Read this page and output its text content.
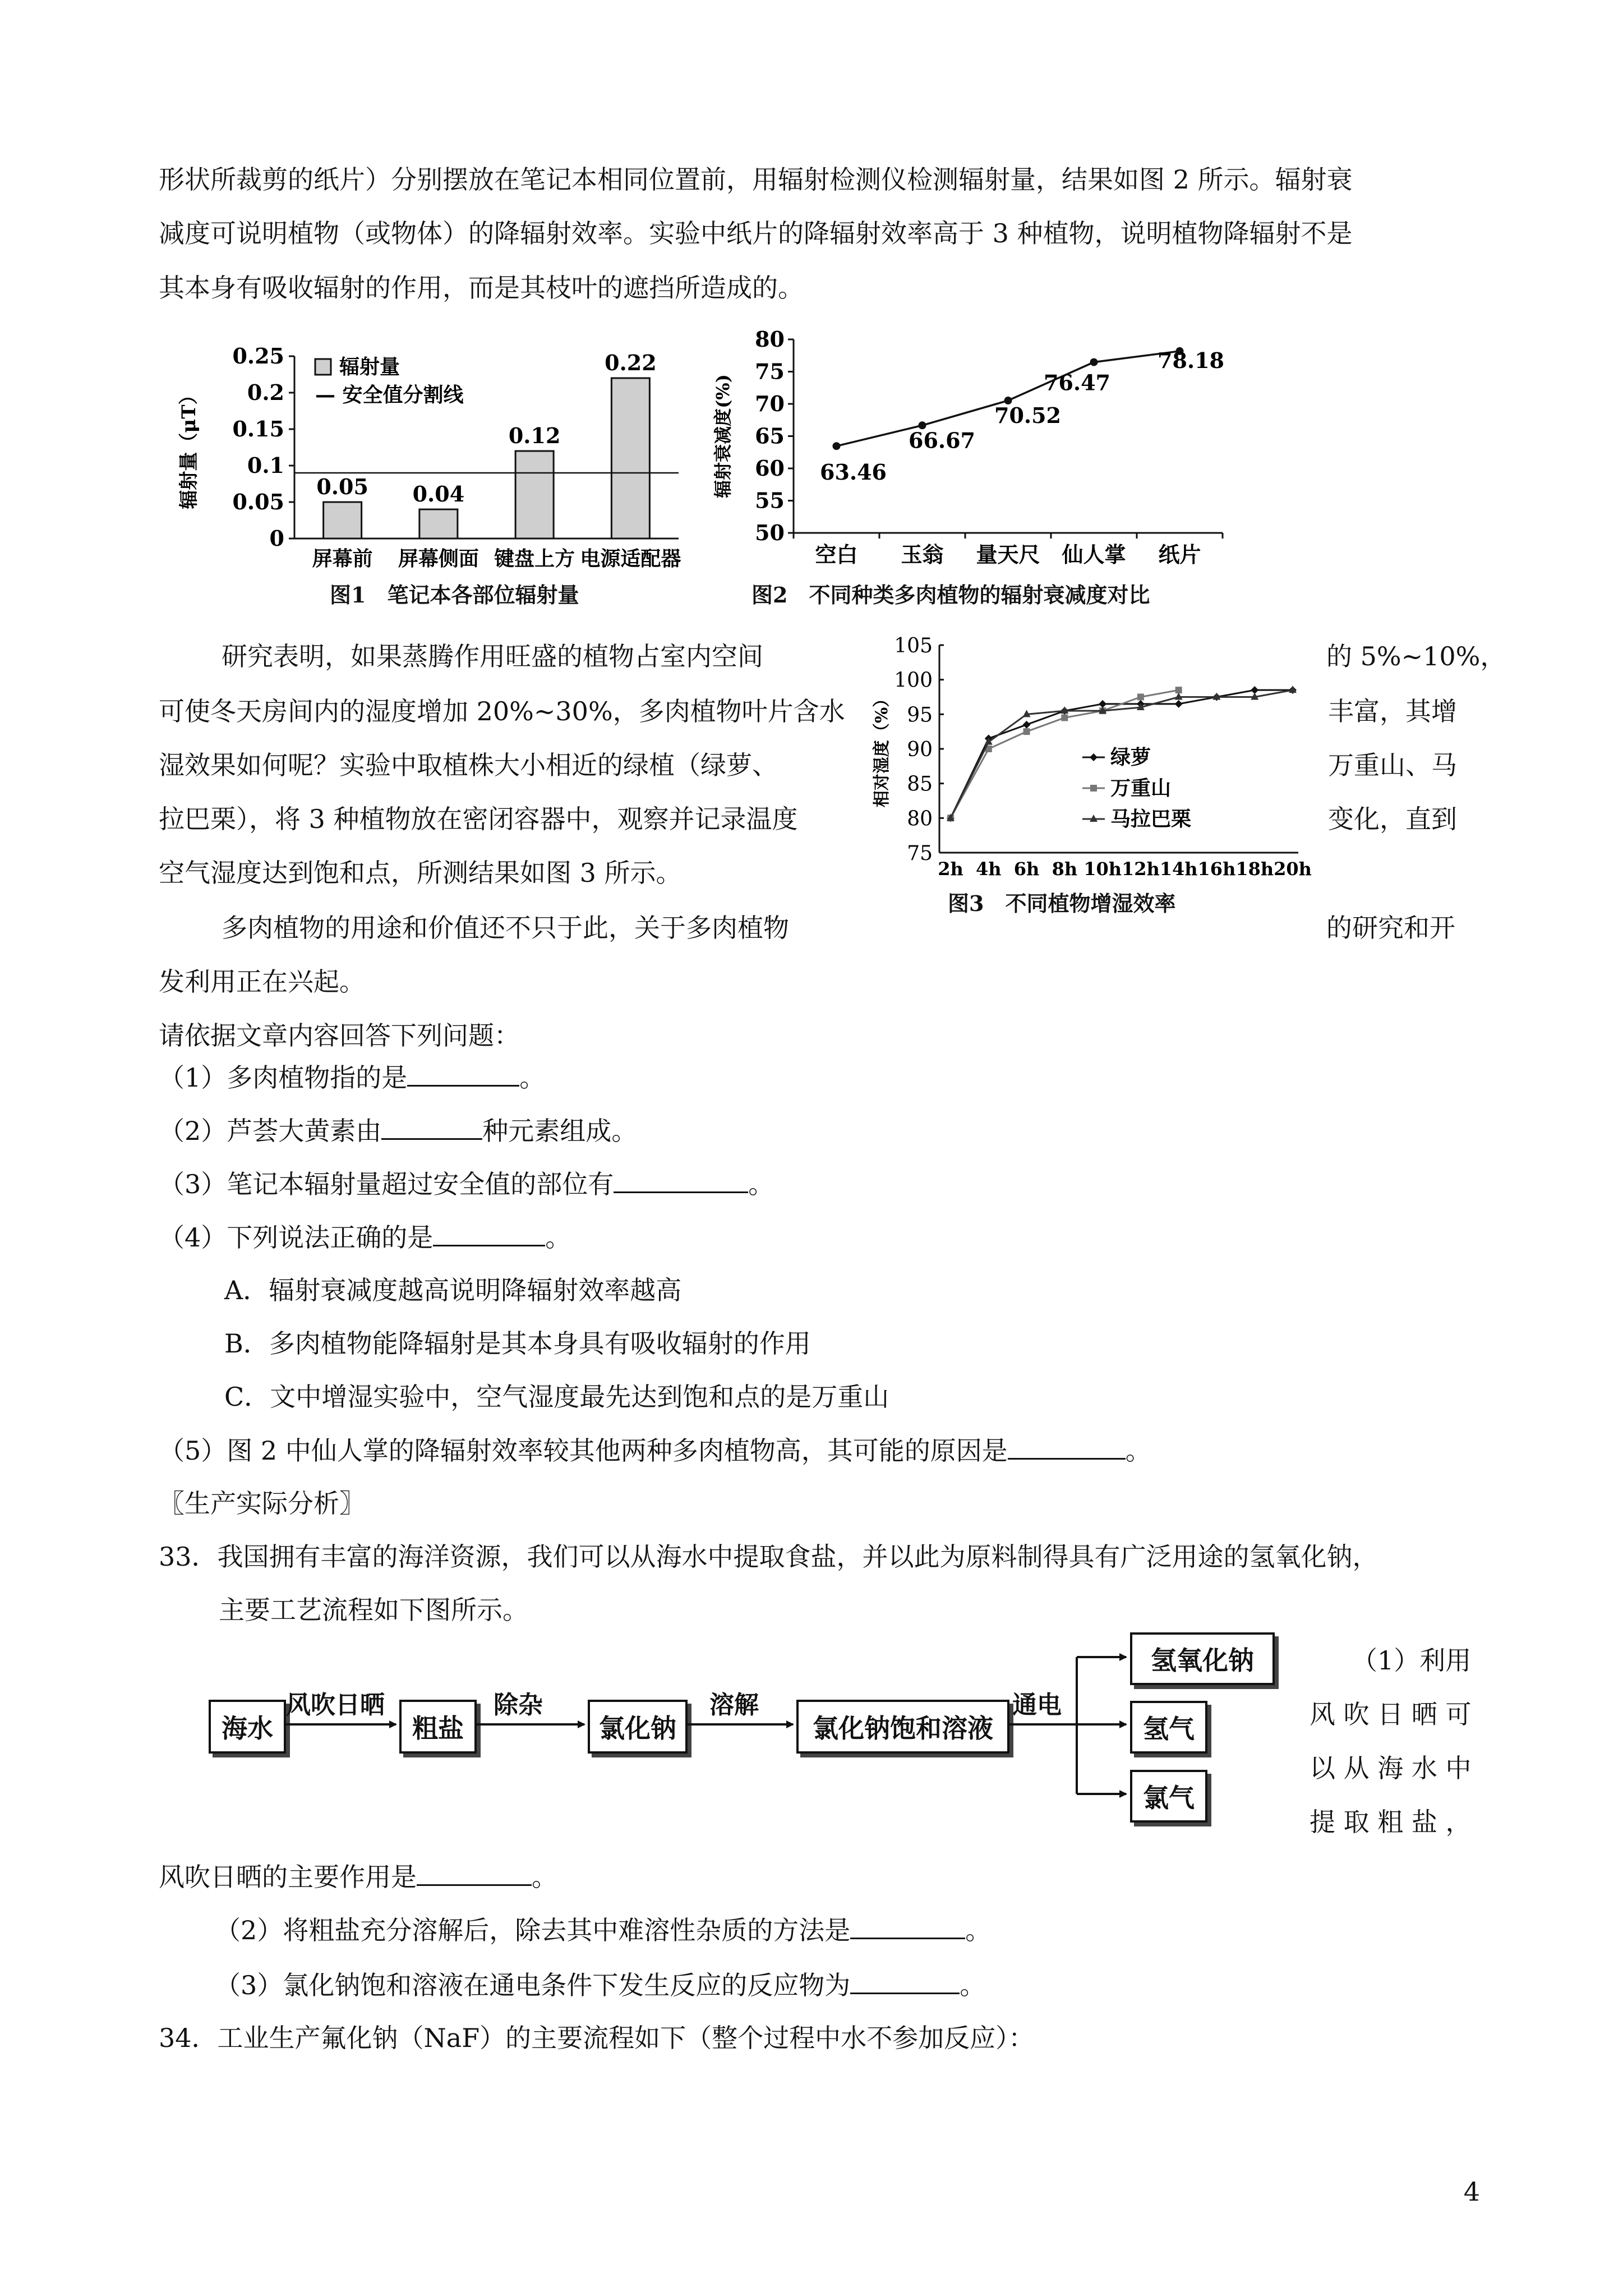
形状所裁剪的纸片）分别摆放在笔记本相同位置前，用辐射检测仪检测辐射量，结果如图 2 所示。辐射衰
减度可说明植物（或物体）的降辐射效率。实验中纸片的降辐射效率高于 3 种植物，说明植物降辐射不是
其本身有吸收辐射的作用，而是其枝叶的遮挡所造成的。
0
0.05
0.1
0.15
0.2
0.25
辐射量（μT）	0.05
屏幕前
0.04
屏幕侧面
0.12
键盘上方
0.22
电源适配器
辐射量
— 安全值分割线
图1　笔记本各部位辐射量
50
55
60
65
70
75
80
辐射衰减度(%)	63.46
空白
66.67
玉翁
70.52
量天尺
76.47
仙人掌
78.18
纸片
图2　不同种类多肉植物的辐射衰减度对比
研究表明，如果蒸腾作用旺盛的植物占室内空间	的 5%~10%，
可使冬天房间内的湿度增加 20%~30%，多肉植物叶片含水	丰富，其增
湿效果如何呢？实验中取植株大小相近的绿植（绿萝、	万重山、马
拉巴栗），将 3 种植物放在密闭容器中，观察并记录温度	变化，直到
空气湿度达到饱和点，所测结果如图 3 所示。
多肉植物的用途和价值还不只于此，关于多肉植物	的研究和开
发利用正在兴起。
75
80
85
90
95
100
105
相对湿度（%）
2h 4h 6h 8h 10h 12h 14h 16h 18h 20h
绿萝
万重山
马拉巴栗
图3　不同植物增湿效率
请依据文章内容回答下列问题：
（1）多肉植物指的是	。
（2）芦荟大黄素由	种元素组成。
（3）笔记本辐射量超过安全值的部位有	。
（4）下列说法正确的是	。
A．辐射衰减度越高说明降辐射效率越高
B．多肉植物能降辐射是其本身具有吸收辐射的作用
C．文中增湿实验中，空气湿度最先达到饱和点的是万重山
（5）图 2 中仙人掌的降辐射效率较其他两种多肉植物高，其可能的原因是	。
〖生产实际分析〗
33．我国拥有丰富的海洋资源，我们可以从海水中提取食盐，并以此为原料制得具有广泛用途的氢氧化钠，
主要工艺流程如下图所示。
海水	粗盐	氯化钠	氯化钠饱和溶液
氢氧化钠
氢气
氯气
风吹日晒	除杂	溶解	通电
（1）利用
风 吹 日 晒 可
以 从 海 水 中
提 取 粗 盐 ，
风吹日晒的主要作用是	。
（2）将粗盐充分溶解后，除去其中难溶性杂质的方法是	。
（3）氯化钠饱和溶液在通电条件下发生反应的反应物为	。
34．工业生产氟化钠（NaF）的主要流程如下（整个过程中水不参加反应）：
4
